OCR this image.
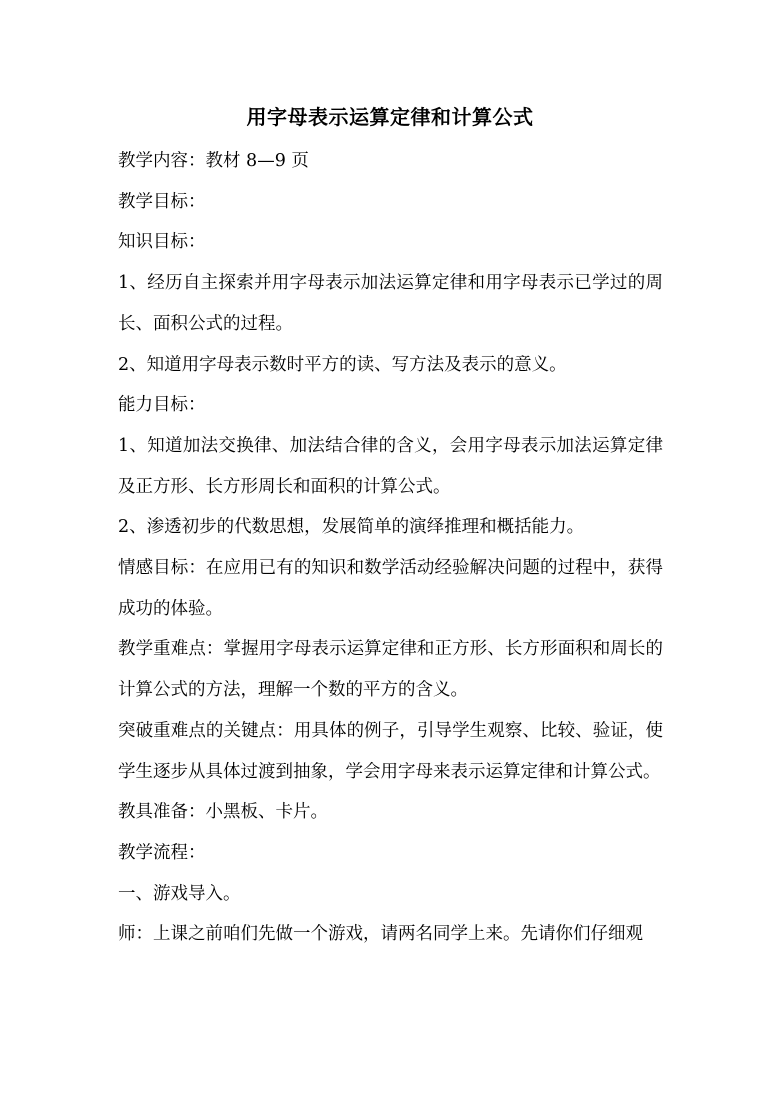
用字母表示运算定律和计算公式

教学内容：教材 8—9 页

教学目标：

知识目标：

1、经历自主探索并用字母表示加法运算定律和用字母表示已学过的周长、面积公式的过程。

2、知道用字母表示数时平方的读、写方法及表示的意义。

能力目标：

1、知道加法交换律、加法结合律的含义，会用字母表示加法运算定律及正方形、长方形周长和面积的计算公式。

2、渗透初步的代数思想，发展简单的演绎推理和概括能力。

情感目标：在应用已有的知识和数学活动经验解决问题的过程中，获得成功的体验。

教学重难点：掌握用字母表示运算定律和正方形、长方形面积和周长的计算公式的方法，理解一个数的平方的含义。

突破重难点的关键点：用具体的例子，引导学生观察、比较、验证，使学生逐步从具体过渡到抽象，学会用字母来表示运算定律和计算公式。

教具准备：小黑板、卡片。

教学流程：

一、游戏导入。

师：上课之前咱们先做一个游戏，请两名同学上来。先请你们仔细观
